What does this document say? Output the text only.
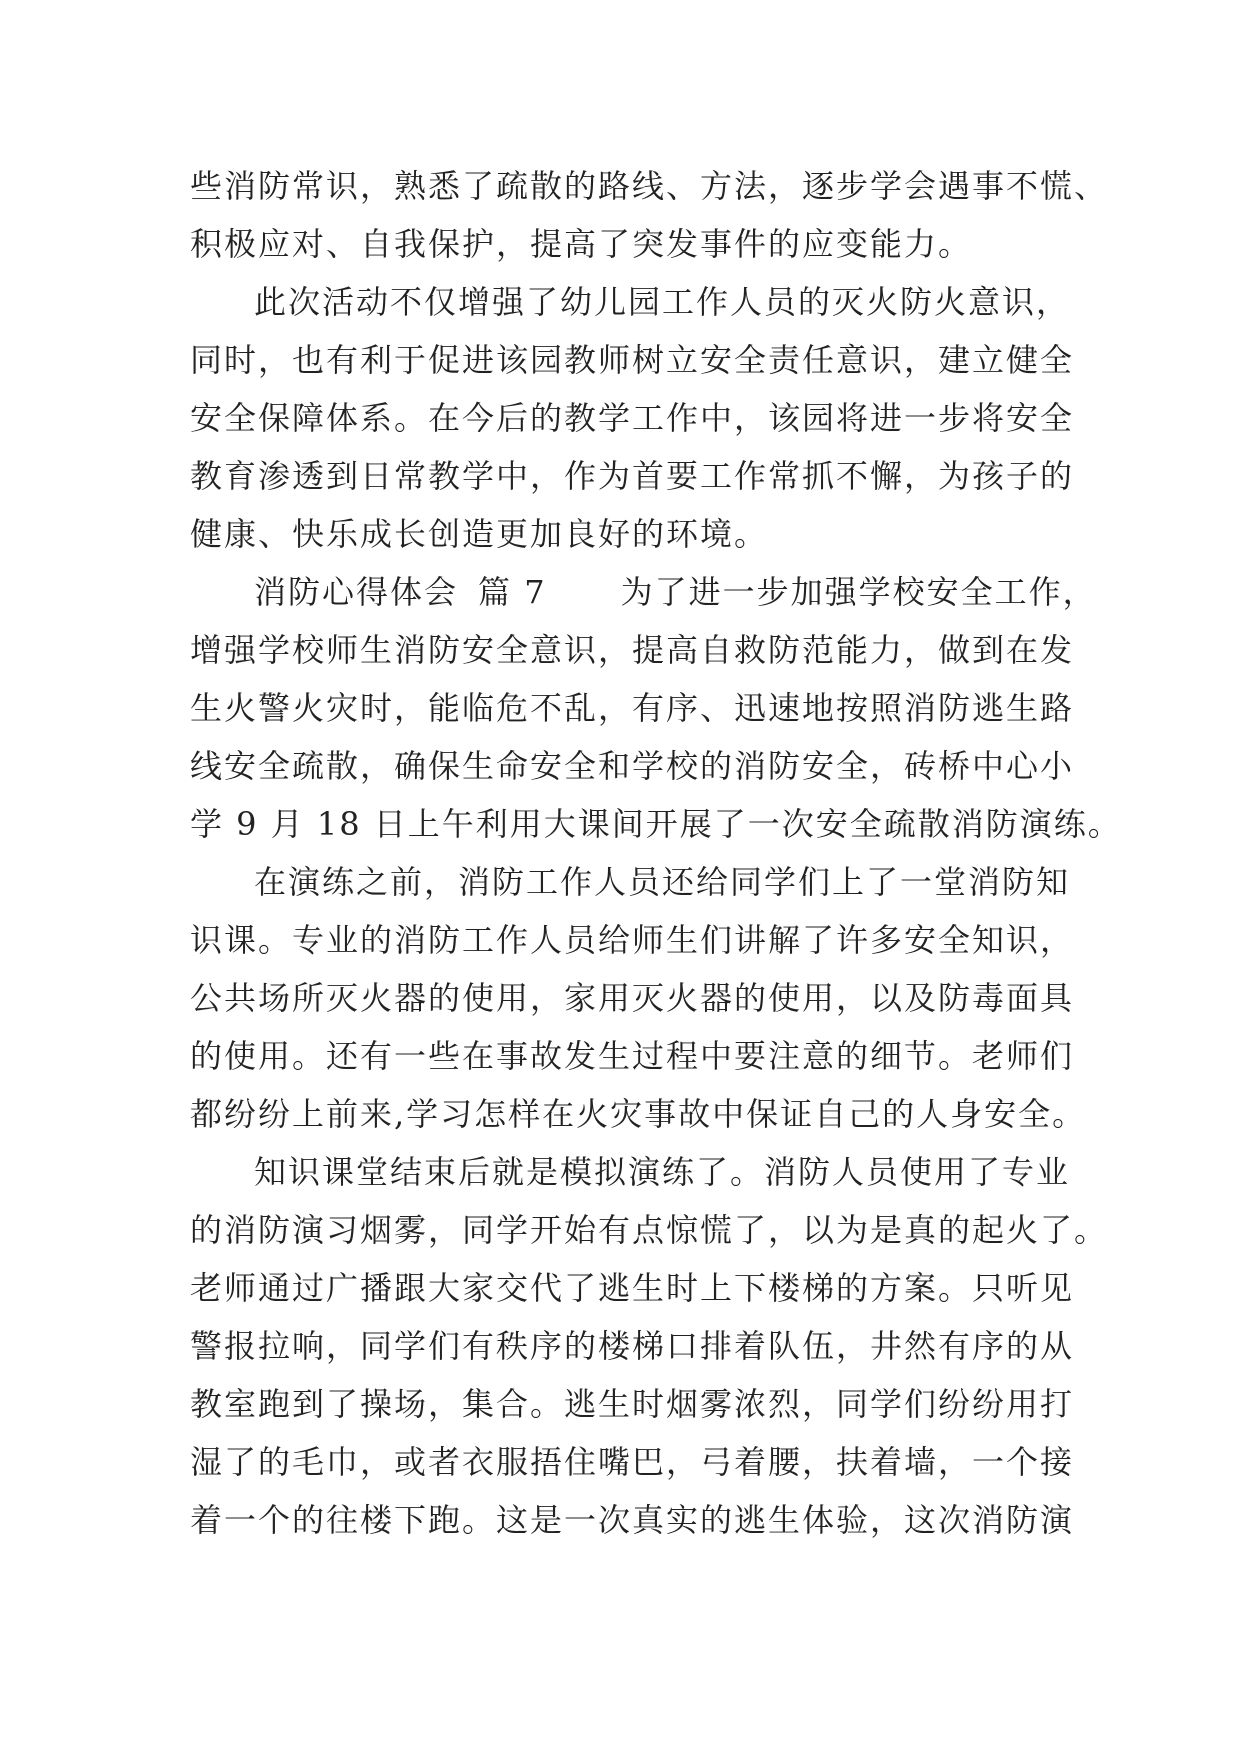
些消防常识，熟悉了疏散的路线、方法，逐步学会遇事不慌、
积极应对、自我保护，提高了突发事件的应变能力。
此次活动不仅增强了幼儿园工作人员的灭火防火意识，
同时，也有利于促进该园教师树立安全责任意识，建立健全
安全保障体系。在今后的教学工作中，该园将进一步将安全
教育渗透到日常教学中，作为首要工作常抓不懈，为孩子的
健康、快乐成长创造更加良好的环境。
消防心得体会 篇 7 为了进一步加强学校安全工作，
增强学校师生消防安全意识，提高自救防范能力，做到在发
生火警火灾时，能临危不乱，有序、迅速地按照消防逃生路
线安全疏散，确保生命安全和学校的消防安全，砖桥中心小
学 9 月 18 日上午利用大课间开展了一次安全疏散消防演练。
在演练之前，消防工作人员还给同学们上了一堂消防知
识课。专业的消防工作人员给师生们讲解了许多安全知识，
公共场所灭火器的使用，家用灭火器的使用，以及防毒面具
的使用。还有一些在事故发生过程中要注意的细节。老师们
都纷纷上前来,学习怎样在火灾事故中保证自己的人身安全。
知识课堂结束后就是模拟演练了。消防人员使用了专业
的消防演习烟雾，同学开始有点惊慌了，以为是真的起火了。
老师通过广播跟大家交代了逃生时上下楼梯的方案。只听见
警报拉响，同学们有秩序的楼梯口排着队伍，井然有序的从
教室跑到了操场，集合。逃生时烟雾浓烈，同学们纷纷用打
湿了的毛巾，或者衣服捂住嘴巴，弓着腰，扶着墙，一个接
着一个的往楼下跑。这是一次真实的逃生体验，这次消防演
